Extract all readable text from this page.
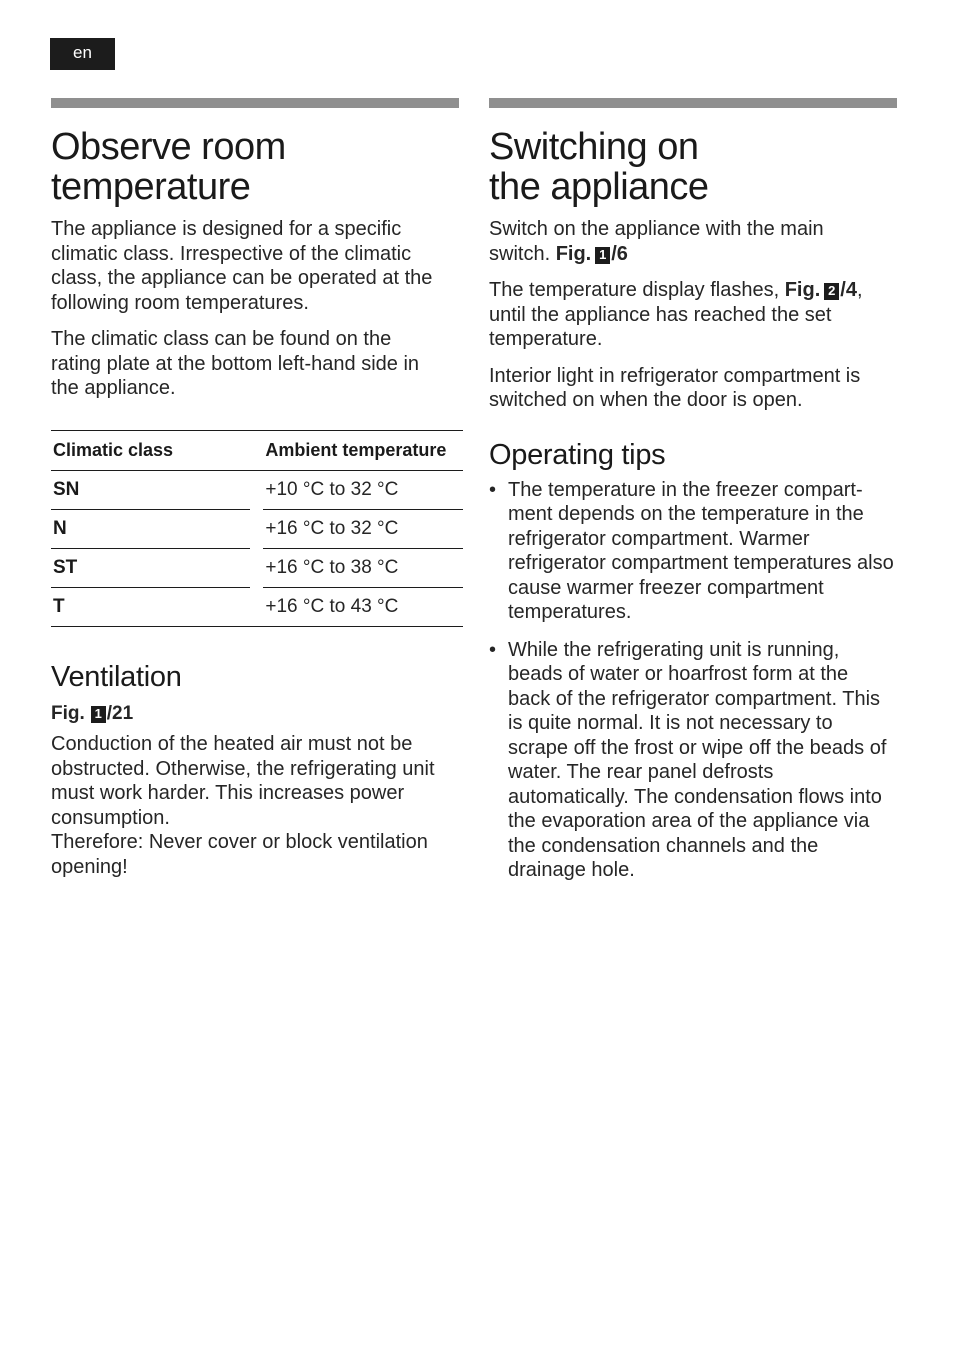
en
Observe room
temperature

The appliance is designed for a specific climatic class. Irrespective of the climatic class, the appliance can be operated at the following room temperatures.

The climatic class can be found on the rating plate at the bottom left-hand side in the appliance.

Climatic class		Ambient temperature
SN		+10 °C to 32 °C
N		+16 °C to 32 °C
ST		+16 °C to 38 °C
T		+16 °C to 43 °C
Ventilation

Fig. 1 /21

Conduction of the heated air must not be obstructed. Otherwise, the refrigerating unit must work harder. This increases power consumption.

Therefore: Never cover or block ventilation opening!

Switching on
the appliance

Switch on the appliance with the main switch. Fig. 1 /6

The temperature display flashes, Fig. 2 /4, until the appliance has reached the set temperature.

Interior light in refrigerator compartment is switched on when the door is open.

Operating tips
• The temperature in the freezer compart-ment depends on the temperature in the refrigerator compartment. Warmer refrigerator compartment temperatures also cause warmer freezer compartment temperatures.
• While the refrigerating unit is running, beads of water or hoarfrost form at the back of the refrigerator compartment. This is quite normal. It is not necessary to scrape off the frost or wipe off the beads of water. The rear panel defrosts automatically. The condensation flows into the evaporation area of the appliance via the condensation channels and the drainage hole.
